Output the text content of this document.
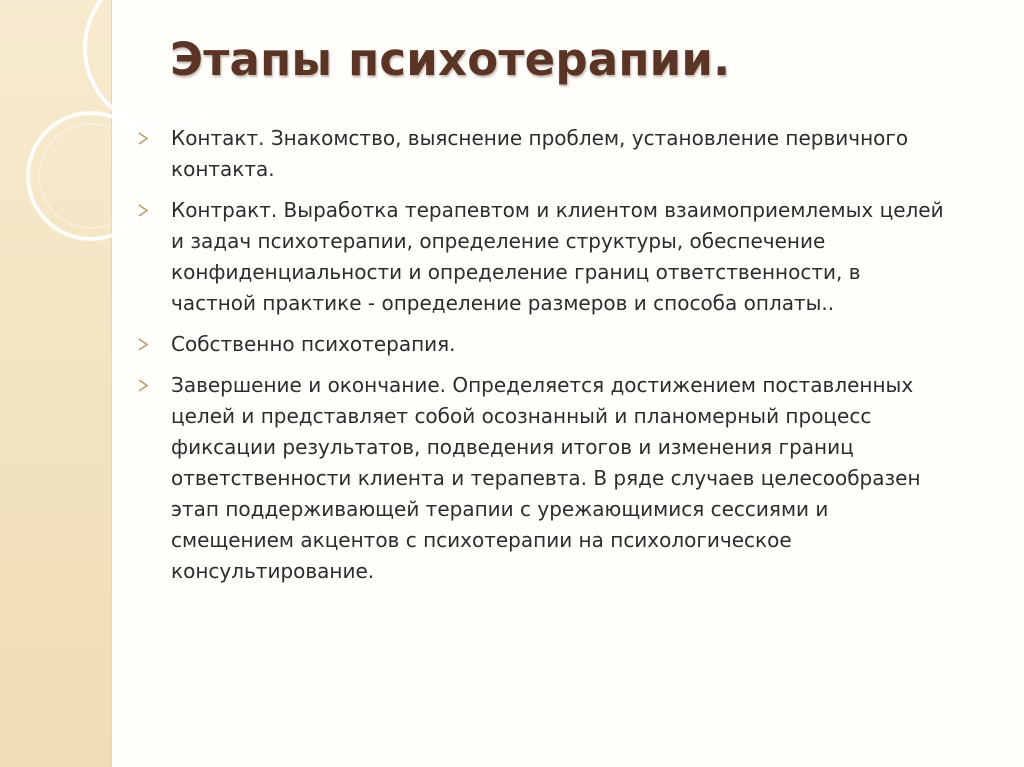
Этапы психотерапии.
Контакт. Знакомство, выяснение проблем, установление первичного контакта.
Контракт. Выработка терапевтом и клиентом взаимоприемлемых целей и задач психотерапии, определение структуры, обеспечение конфиденциальности и определение границ ответственности, в частной практике - определение размеров и способа оплаты..
Собственно психотерапия.
Завершение и окончание. Определяется достижением поставленных целей и представляет собой осознанный и планомерный процесс фиксации результатов, подведения итогов и изменения границ ответственности клиента и терапевта. В ряде случаев целесообразен этап поддерживающей терапии с урежающимися сессиями и смещением акцентов с психотерапии на психологическое консультирование.
